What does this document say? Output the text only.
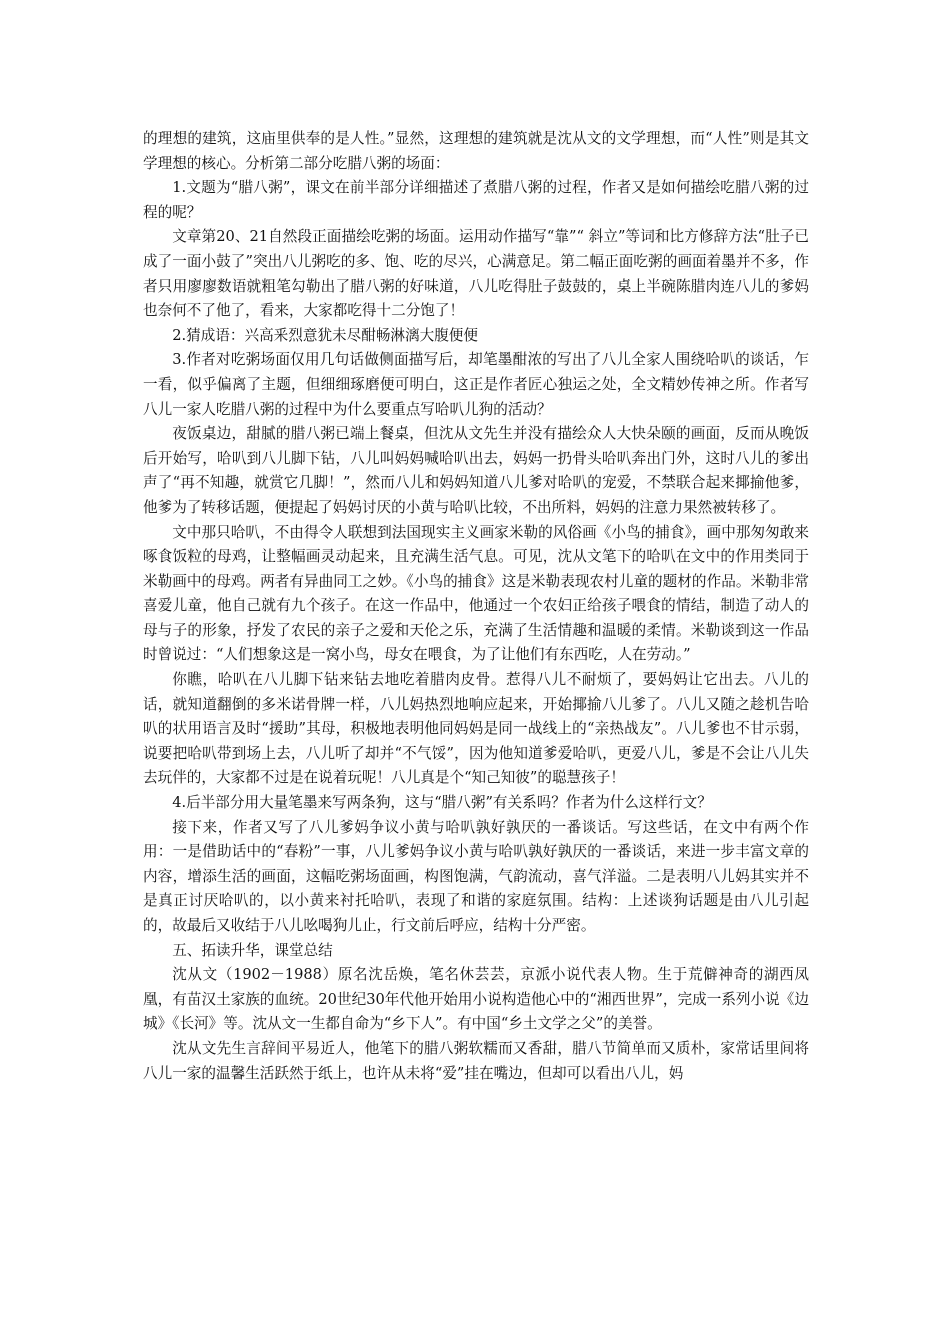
的理想的建筑，这庙里供奉的是人性。”显然，这理想的建筑就是沈从文的文学理想，而“人性”则是其文学理想的核心。分析第二部分吃腊八粥的场面：

1.文题为“腊八粥”，课文在前半部分详细描述了煮腊八粥的过程，作者又是如何描绘吃腊八粥的过程的呢？

文章第20、21自然段正面描绘吃粥的场面。运用动作描写“靠”“ 斜立”等词和比方修辞方法“肚子已成了一面小鼓了”突出八儿粥吃的多、饱、吃的尽兴，心满意足。第二幅正面吃粥的画面着墨并不多，作者只用廖廖数语就粗笔勾勒出了腊八粥的好味道，八儿吃得肚子鼓鼓的，桌上半碗陈腊肉连八儿的爹妈也奈何不了他了，看来，大家都吃得十二分饱了！

2.猜成语：兴高釆烈意犹未尽酣畅淋漓大腹便便

3.作者对吃粥场面仅用几句话做侧面描写后，却笔墨酣浓的写出了八儿全家人围绕哈叭的谈话，乍一看，似乎偏离了主题，但细细琢磨便可明白，这正是作者匠心独运之处，全文精妙传神之所。作者写八儿一家人吃腊八粥的过程中为什么要重点写哈叭儿狗的活动？

夜饭桌边，甜腻的腊八粥已端上餐桌，但沈从文先生并没有描绘众人大快朵颐的画面，反而从晚饭后开始写，哈叭到八儿脚下钻，八儿叫妈妈喊哈叭出去，妈妈一扔骨头哈叭奔出门外，这时八儿的爹出声了“再不知趣，就赏它几脚！”，然而八儿和妈妈知道八儿爹对哈叭的宠爱，不禁联合起来揶揄他爹，他爹为了转移话题，便提起了妈妈讨厌的小黄与哈叭比较，不出所料，妈妈的注意力果然被转移了。

文中那只哈叭，不由得令人联想到法国现实主义画家米勒的风俗画《小鸟的捕食》，画中那匆匆敢来啄食饭粒的母鸡，让整幅画灵动起来，且充满生活气息。可见，沈从文笔下的哈叭在文中的作用类同于米勒画中的母鸡。两者有异曲同工之妙。《小鸟的捕食》这是米勒表现农村儿童的题材的作品。米勒非常喜爱儿童，他自己就有九个孩子。在这一作品中，他通过一个农妇正给孩子喂食的情结，制造了动人的母与子的形象，抒发了农民的亲子之爱和天伦之乐，充满了生活情趣和温暖的柔情。米勒谈到这一作品时曾说过：“人们想象这是一窝小鸟，母女在喂食，为了让他们有东西吃，人在劳动。”

你瞧，哈叭在八儿脚下钻来钻去地吃着腊肉皮骨。惹得八儿不耐烦了，要妈妈让它出去。八儿的话，就知道翻倒的多米诺骨牌一样，八儿妈热烈地响应起来，开始揶揄八儿爹了。八儿又随之趁机告哈叭的状用语言及时“援助”其母，积极地表明他同妈妈是同一战线上的“亲热战友”。八儿爹也不甘示弱，说要把哈叭带到场上去，八儿听了却并“不气馁”，因为他知道爹爱哈叭，更爱八儿，爹是不会让八儿失去玩伴的，大家都不过是在说着玩呢！八儿真是个“知己知彼”的聪慧孩子！

4.后半部分用大量笔墨来写两条狗，这与“腊八粥”有关系吗？作者为什么这样行文？

接下来，作者又写了八儿爹妈争议小黄与哈叭孰好孰厌的一番谈话。写这些话，在文中有两个作用：一是借助话中的“春粉”一事，八儿爹妈争议小黄与哈叭孰好孰厌的一番谈话，来进一步丰富文章的内容，增添生活的画面，这幅吃粥场面画，构图饱满，气韵流动，喜气洋溢。二是表明八儿妈其实并不是真正讨厌哈叭的，以小黄来衬托哈叭，表现了和谐的家庭氛围。结构：上述谈狗话题是由八儿引起的，故最后又收结于八儿吆喝狗儿止，行文前后呼应，结构十分严密。

五、拓读升华，课堂总结

沈从文（1902－1988）原名沈岳焕，笔名休芸芸，京派小说代表人物。生于荒僻神奇的湖西凤凰，有苗汉土家族的血统。20世纪30年代他开始用小说构造他心中的“湘西世界”，完成一系列小说《边城》《长河》等。沈从文一生都自命为“乡下人”。有中国“乡土文学之父”的美誉。

沈从文先生言辞间平易近人，他笔下的腊八粥软糯而又香甜，腊八节简单而又质朴，家常话里间将八儿一家的温馨生活跃然于纸上，也许从未将“爱”挂在嘴边，但却可以看出八儿，妈
